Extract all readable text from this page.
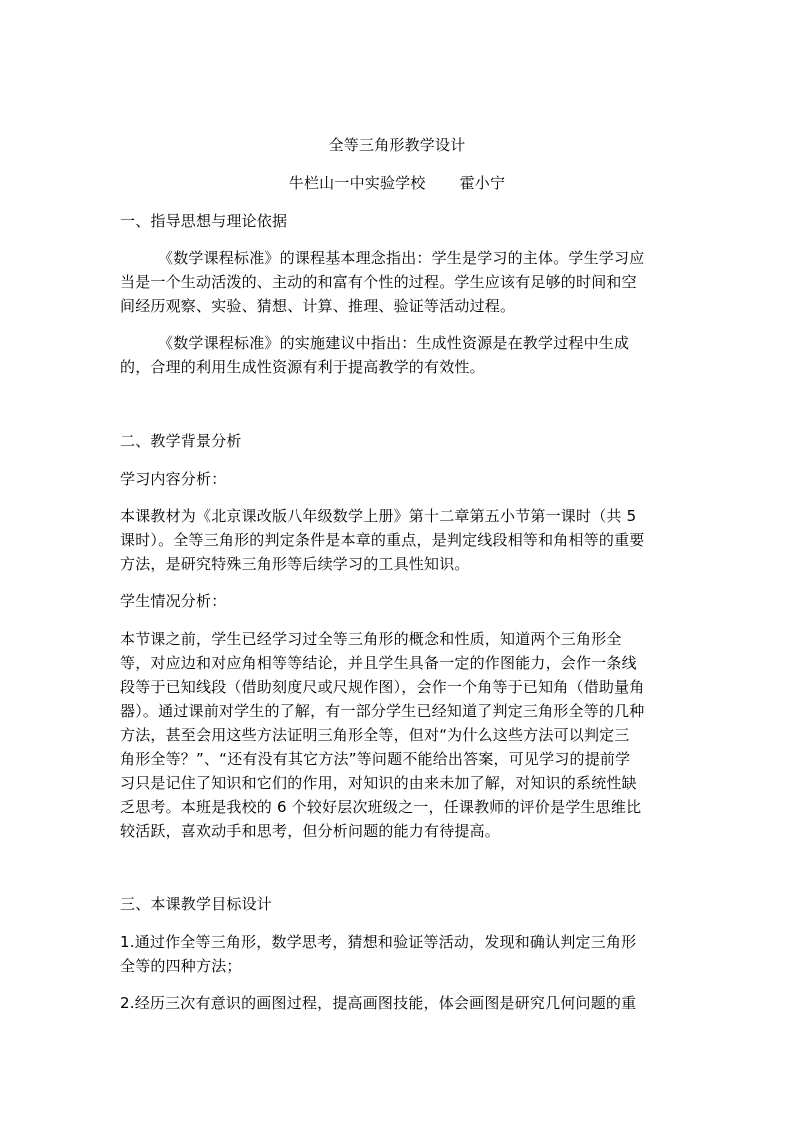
全等三角形教学设计
牛栏山一中实验学校 霍小宁
一、指导思想与理论依据
《数学课程标准》的课程基本理念指出：学生是学习的主体。学生学习应
当是一个生动活泼的、主动的和富有个性的过程。学生应该有足够的时间和空
间经历观察、实验、猜想、计算、推理、验证等活动过程。
《数学课程标准》的实施建议中指出：生成性资源是在教学过程中生成
的，合理的利用生成性资源有利于提高教学的有效性。
二、教学背景分析
学习内容分析：
本课教材为《北京课改版八年级数学上册》第十二章第五小节第一课时（共 5
课时）。全等三角形的判定条件是本章的重点，是判定线段相等和角相等的重要
方法，是研究特殊三角形等后续学习的工具性知识。
学生情况分析：
本节课之前，学生已经学习过全等三角形的概念和性质，知道两个三角形全
等，对应边和对应角相等等结论，并且学生具备一定的作图能力，会作一条线
段等于已知线段（借助刻度尺或尺规作图），会作一个角等于已知角（借助量角
器）。通过课前对学生的了解，有一部分学生已经知道了判定三角形全等的几种
方法，甚至会用这些方法证明三角形全等，但对“为什么这些方法可以判定三
角形全等？”、“还有没有其它方法”等问题不能给出答案，可见学习的提前学
习只是记住了知识和它们的作用，对知识的由来未加了解，对知识的系统性缺
乏思考。本班是我校的 6 个较好层次班级之一，任课教师的评价是学生思维比
较活跃，喜欢动手和思考，但分析问题的能力有待提高。
三、本课教学目标设计
1.通过作全等三角形，数学思考，猜想和验证等活动，发现和确认判定三角形
全等的四种方法；
2.经历三次有意识的画图过程，提高画图技能，体会画图是研究几何问题的重
